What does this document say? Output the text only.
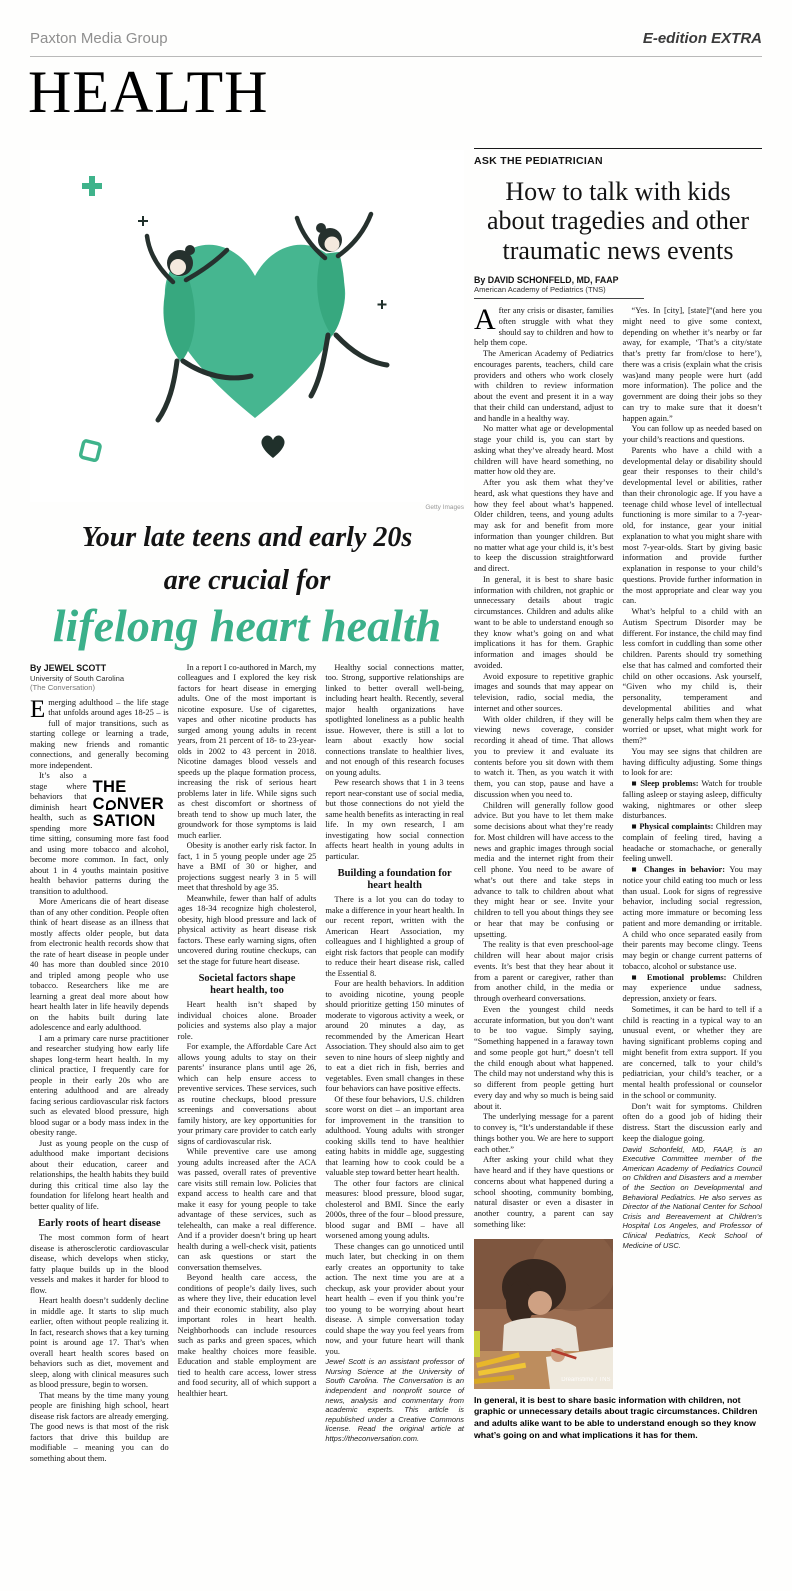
Paxton Media Group	E-edition EXTRA
HEALTH
Getty Images
Your late teens and early 20s
are crucial for
lifelong heart health
By JEWEL SCOTT
University of South Carolina
(The Conversation)

Emerging adulthood – the life stage that unfolds around ages 18-25 – is full of major transitions, such as starting college or learning a trade, making new friends and romantic connections, and generally becoming more independent.

THE
C NVER
SATION

It’s also a stage where behaviors that diminish heart health, such as spending more time sitting, consuming more fast food and using more tobacco and alcohol, become more common. In fact, only about 1 in 4 youths maintain positive health behavior patterns during the transition to adulthood.

More Americans die of heart disease than of any other condition. People often think of heart disease as an illness that mostly affects older people, but data from electronic health records show that the rate of heart disease in people under 40 has more than doubled since 2010 and tripled among people who use tobacco. Researchers like me are learning a great deal more about how heart health later in life heavily depends on the habits built during late adolescence and early adulthood.

I am a primary care nurse practitioner and researcher studying how early life shapes long-term heart health. In my clinical practice, I frequently care for people in their early 20s who are entering adulthood and are already facing serious cardiovascular risk factors such as elevated blood pressure, high blood sugar or a body mass index in the obesity range.

Just as young people on the cusp of adulthood make important decisions about their education, career and relationships, the health habits they build during this critical time also lay the foundation for lifelong heart health and better quality of life.

Early roots of heart disease

The most common form of heart disease is atherosclerotic cardiovascular disease, which develops when sticky, fatty plaque builds up in the blood vessels and makes it harder for blood to flow.

Heart health doesn’t suddenly decline in middle age. It starts to slip much earlier, often without people realizing it. In fact, research shows that a key turning point is around age 17. That’s when overall heart health scores based on behaviors such as diet, movement and sleep, along with clinical measures such as blood pressure, begin to worsen.

That means by the time many young people are finishing high school, heart disease risk factors are already emerging. The good news is that most of the risk factors that drive this buildup are modifiable – meaning you can do something about them.

In a report I co-authored in March, my colleagues and I explored the key risk factors for heart disease in emerging adults. One of the most important is nicotine exposure. Use of cigarettes, vapes and other nicotine products has surged among young adults in recent years, from 21 percent of 18- to 23-year-olds in 2002 to 43 percent in 2018. Nicotine damages blood vessels and speeds up the plaque formation process, increasing the risk of serious heart problems later in life. While signs such as chest discomfort or shortness of breath tend to show up much later, the groundwork for those symptoms is laid much earlier.

Obesity is another early risk factor. In fact, 1 in 5 young people under age 25 have a BMI of 30 or higher, and projections suggest nearly 3 in 5 will meet that threshold by age 35.

Meanwhile, fewer than half of adults ages 18-34 recognize high cholesterol, obesity, high blood pressure and lack of physical activity as heart disease risk factors. These early warning signs, often uncovered during routine checkups, can set the stage for future heart disease.

Societal factors shape heart health, too

Heart health isn’t shaped by individual choices alone. Broader policies and systems also play a major role.

For example, the Affordable Care Act allows young adults to stay on their parents’ insurance plans until age 26, which can help ensure access to preventive services. These services, such as routine checkups, blood pressure screenings and conversations about family history, are key opportunities for your primary care provider to catch early signs of cardiovascular risk.

While preventive care use among young adults increased after the ACA was passed, overall rates of preventive care visits still remain low. Policies that expand access to health care and that make it easy for young people to take advantage of these services, such as telehealth, can make a real difference. And if a provider doesn’t bring up heart health during a well-check visit, patients can ask questions or start the conversation themselves.

Beyond health care access, the conditions of people’s daily lives, such as where they live, their education level and their economic stability, also play important roles in heart health. Neighborhoods can include resources such as parks and green spaces, which make healthy choices more feasible. Education and stable employment are tied to health care access, lower stress and food security, all of which support a healthier heart.

Healthy social connections matter, too. Strong, supportive relationships are linked to better overall well-being, including heart health. Recently, several major health organizations have spotlighted loneliness as a public health issue. However, there is still a lot to learn about exactly how social connections translate to healthier lives, and not enough of this research focuses on young adults.

Pew research shows that 1 in 3 teens report near-constant use of social media, but those connections do not yield the same health benefits as interacting in real life. In my own research, I am investigating how social connection affects heart health in young adults in particular.

Building a foundation for heart health

There is a lot you can do today to make a difference in your heart health. In our recent report, written with the American Heart Association, my colleagues and I highlighted a group of eight risk factors that people can modify to reduce their heart disease risk, called the Essential 8.

Four are health behaviors. In addition to avoiding nicotine, young people should prioritize getting 150 minutes of moderate to vigorous activity a week, or around 20 minutes a day, as recommended by the American Heart Association. They should also aim to get seven to nine hours of sleep nightly and to eat a diet rich in fish, berries and vegetables. Even small changes in these four behaviors can have positive effects.

Of these four behaviors, U.S. children score worst on diet – an important area for improvement in the transition to adulthood. Young adults with stronger cooking skills tend to have healthier eating habits in middle age, suggesting that learning how to cook could be a valuable step toward better heart health.

The other four factors are clinical measures: blood pressure, blood sugar, cholesterol and BMI. Since the early 2000s, three of the four – blood pressure, blood sugar and BMI – have all worsened among young adults.

These changes can go unnoticed until much later, but checking in on them early creates an opportunity to take action. The next time you are at a checkup, ask your provider about your heart health – even if you think you’re too young to be worrying about heart disease. A simple conversation today could shape the way you feel years from now, and your future heart will thank you.

Jewel Scott is an assistant professor of Nursing Science at the University of South Carolina. The Conversation is an independent and nonprofit source of news, analysis and commentary from academic experts. This article is republished under a Creative Commons license. Read the original article at https://theconversation.com.

ASK THE PEDIATRICIAN
How to talk with kids
about tragedies and other
traumatic news events
By DAVID SCHONFELD, MD, FAAP
American Academy of Pediatrics (TNS)

After any crisis or disaster, families often struggle with what they should say to children and how to help them cope.

The American Academy of Pediatrics encourages parents, teachers, child care providers and others who work closely with children to review information about the event and present it in a way that their child can understand, adjust to and handle in a healthy way.

No matter what age or developmental stage your child is, you can start by asking what they’ve already heard. Most children will have heard something, no matter how old they are.

After you ask them what they’ve heard, ask what questions they have and how they feel about what’s happened. Older children, teens, and young adults may ask for and benefit from more information than younger children. But no matter what age your child is, it’s best to keep the discussion straightforward and direct.

In general, it is best to share basic information with children, not graphic or unnecessary details about tragic circumstances. Children and adults alike want to be able to understand enough so they know what’s going on and what implications it has for them. Graphic information and images should be avoided.

Avoid exposure to repetitive graphic images and sounds that may appear on television, radio, social media, the internet and other sources.

With older children, if they will be viewing news coverage, consider recording it ahead of time. That allows you to preview it and evaluate its contents before you sit down with them to watch it. Then, as you watch it with them, you can stop, pause and have a discussion when you need to.

Children will generally follow good advice. But you have to let them make some decisions about what they’re ready for. Most children will have access to the news and graphic images through social media and the internet right from their cell phone. You need to be aware of what’s out there and take steps in advance to talk to children about what they might hear or see. Invite your children to tell you about things they see or hear that may be confusing or upsetting.

The reality is that even preschool-age children will hear about major crisis events. It’s best that they hear about it from a parent or caregiver, rather than from another child, in the media or through overheard conversations.

Even the youngest child needs accurate information, but you don’t want to be too vague. Simply saying, “Something happened in a faraway town and some people got hurt,” doesn’t tell the child enough about what happened. The child may not understand why this is so different from people getting hurt every day and why so much is being said about it.

The underlying message for a parent to convey is, “It’s understandable if these things bother you. We are here to support each other.”

After asking your child what they have heard and if they have questions or concerns about what happened during a school shooting, community bombing, natural disaster or even a disaster in another country, a parent can say something like:

Dreamstime / TNS

“Yes. In [city], [state]”(and here you might need to give some context, depending on whether it’s nearby or far away, for example, ‘That’s a city/state that’s pretty far from/close to here’), there was a crisis (explain what the crisis was)and many people were hurt (add more information). The police and the government are doing their jobs so they can try to make sure that it doesn’t happen again.”

You can follow up as needed based on your child’s reactions and questions.

Parents who have a child with a developmental delay or disability should gear their responses to their child’s developmental level or abilities, rather than their chronologic age. If you have a teenage child whose level of intellectual functioning is more similar to a 7-year-old, for instance, gear your initial explanation to what you might share with most 7-year-olds. Start by giving basic information and provide further explanation in response to your child’s questions. Provide further information in the most appropriate and clear way you can.

What’s helpful to a child with an Autism Spectrum Disorder may be different. For instance, the child may find less comfort in cuddling than some other children. Parents should try something else that has calmed and comforted their child on other occasions. Ask yourself, “Given who my child is, their personality, temperament and developmental abilities and what generally helps calm them when they are worried or upset, what might work for them?”

You may see signs that children are having difficulty adjusting. Some things to look for are:

■ Sleep problems: Watch for trouble falling asleep or staying asleep, difficulty waking, nightmares or other sleep disturbances.

■ Physical complaints: Children may complain of feeling tired, having a headache or stomachache, or generally feeling unwell.

■ Changes in behavior: You may notice your child eating too much or less than usual. Look for signs of regressive behavior, including social regression, acting more immature or becoming less patient and more demanding or irritable. A child who once separated easily from their parents may become clingy. Teens may begin or change current patterns of tobacco, alcohol or substance use.

■ Emotional problems: Children may experience undue sadness, depression, anxiety or fears.

Sometimes, it can be hard to tell if a child is reacting in a typical way to an unusual event, or whether they are having significant problems coping and might benefit from extra support. If you are concerned, talk to your child’s pediatrician, your child’s teacher, or a mental health professional or counselor in the school or community.

Don’t wait for symptoms. Children often do a good job of hiding their distress. Start the discussion early and keep the dialogue going.

David Schonfeld, MD, FAAP, is an Executive Committee member of the American Academy of Pediatrics Council on Children and Disasters and a member of the Section on Developmental and Behavioral Pediatrics. He also serves as Director of the National Center for School Crisis and Bereavement at Children’s Hospital Los Angeles, and Professor of Clinical Pediatrics, Keck School of Medicine of USC.

In general, it is best to share basic information with children, not graphic or unnecessary details about tragic circumstances. Children and adults alike want to be able to understand enough so they know what’s going on and what implications it has for them.
